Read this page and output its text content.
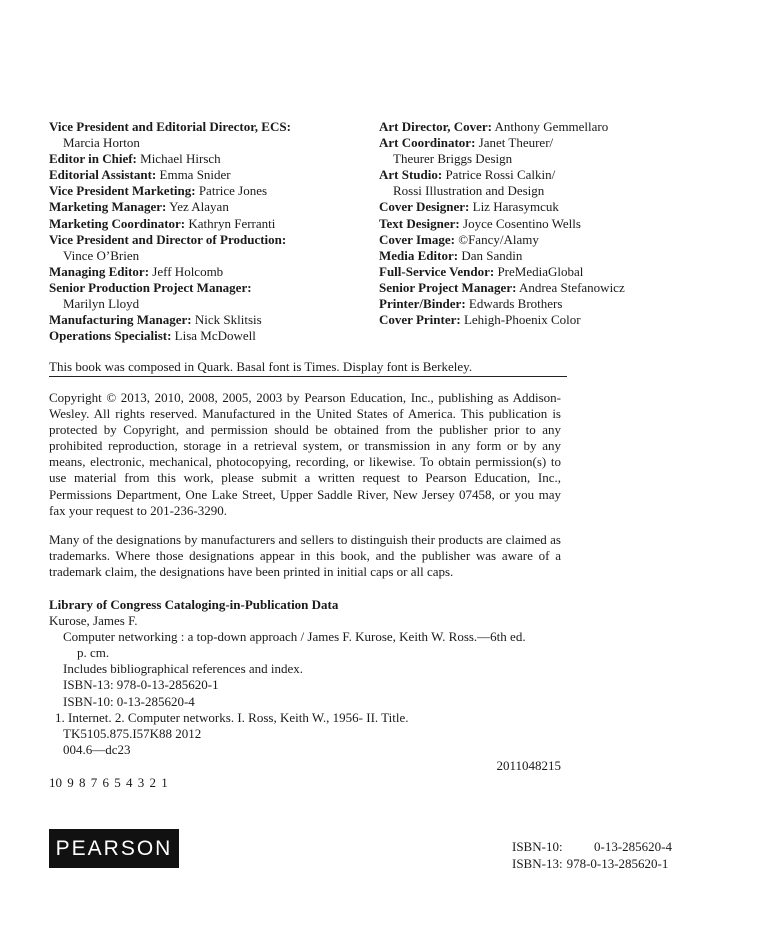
Vice President and Editorial Director, ECS:
Marcia Horton
Editor in Chief: Michael Hirsch
Editorial Assistant: Emma Snider
Vice President Marketing: Patrice Jones
Marketing Manager: Yez Alayan
Marketing Coordinator: Kathryn Ferranti
Vice President and Director of Production:
Vince O’Brien
Managing Editor: Jeff Holcomb
Senior Production Project Manager:
Marilyn Lloyd
Manufacturing Manager: Nick Sklitsis
Operations Specialist: Lisa McDowell
Art Director, Cover: Anthony Gemmellaro
Art Coordinator: Janet Theurer/
Theurer Briggs Design
Art Studio: Patrice Rossi Calkin/
Rossi Illustration and Design
Cover Designer: Liz Harasymcuk
Text Designer: Joyce Cosentino Wells
Cover Image: ©Fancy/Alamy
Media Editor: Dan Sandin
Full-Service Vendor: PreMediaGlobal
Senior Project Manager: Andrea Stefanowicz
Printer/Binder: Edwards Brothers
Cover Printer: Lehigh-Phoenix Color
This book was composed in Quark. Basal font is Times. Display font is Berkeley.
Copyright © 2013, 2010, 2008, 2005, 2003 by Pearson Education, Inc., publishing as Addison-Wesley. All rights reserved. Manufactured in the United States of America. This publication is protected by Copyright, and permission should be obtained from the publisher prior to any prohibited reproduction, storage in a retrieval system, or transmission in any form or by any means, electronic, mechanical, photocopying, recording, or likewise. To obtain permission(s) to use material from this work, please submit a written request to Pearson Education, Inc., Permissions Department, One Lake Street, Upper Saddle River, New Jersey 07458, or you may fax your request to 201-236-3290.
Many of the designations by manufacturers and sellers to distinguish their products are claimed as trademarks. Where those designations appear in this book, and the publisher was aware of a trademark claim, the designations have been printed in initial caps or all caps.
Library of Congress Cataloging-in-Publication Data
Kurose, James F.
Computer networking : a top-down approach / James F. Kurose, Keith W. Ross.—6th ed.
p. cm.
Includes bibliographical references and index.
ISBN-13: 978-0-13-285620-1
ISBN-10: 0-13-285620-4
1. Internet. 2. Computer networks. I. Ross, Keith W., 1956- II. Title.
TK5105.875.I57K88 2012
004.6—dc23
2011048215
10 9 8 7 6 5 4 3 2 1
PEARSON	ISBN-10:	0-13-285620-4
ISBN-13: 978-0-13-285620-1
